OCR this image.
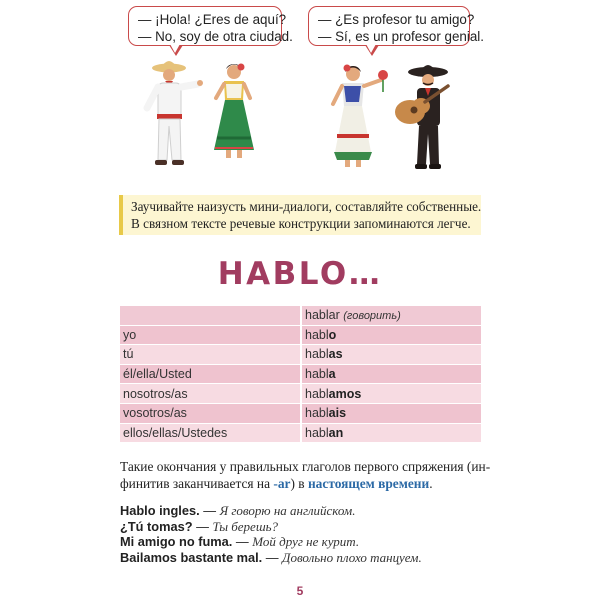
— ¡Hola! ¿Eres de aquí?
— No, soy de otra ciudad.
— ¿Es profesor tu amigo?
— Sí, es un profesor genial.
Заучивайте наизусть мини-диалоги, составляйте собственные.
В связном тексте речевые конструкции запоминаются легче.
HABLO…
	hablar (говорить)
yo	hablo
tú	hablas
él/ella/Usted	habla
nosotros/as	hablamos
vosotros/as	hablais
ellos/ellas/Ustedes	hablan
Такие окончания у правильных глаголов первого спряжения (ин-
финитив заканчивается на -ar) в настоящем времени.
Hablo ingles. — Я говорю на английском.
¿Tú tomas? — Ты берешь?
Mi amigo no fuma. — Мой друг не курит.
Bailamos bastante mal. — Довольно плохо танцуем.
5
